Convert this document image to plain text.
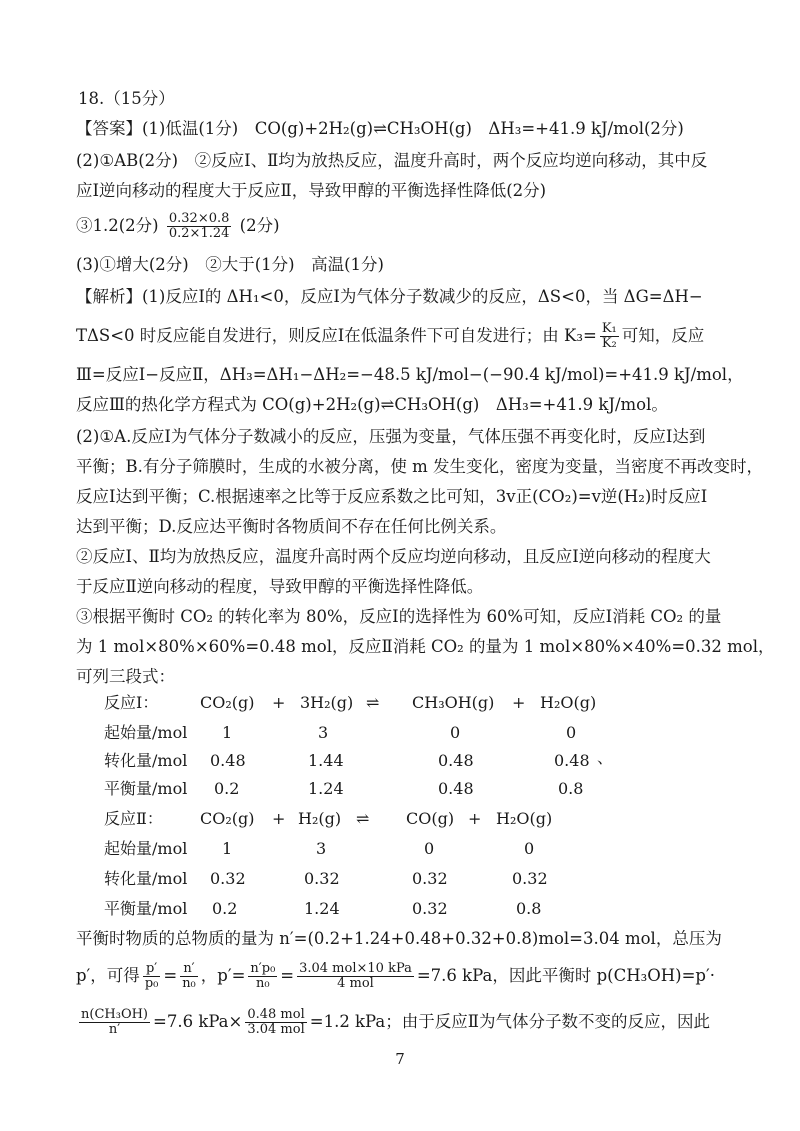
18.（15分）
【答案】(1)低温(1分)　CO(g)+2H₂(g)⇌CH₃OH(g)　ΔH₃=+41.9 kJ/mol(2分)
(2)①AB(2分)　②反应Ⅰ、Ⅱ均为放热反应，温度升高时，两个反应均逆向移动，其中反
应Ⅰ逆向移动的程度大于反应Ⅱ，导致甲醇的平衡选择性降低(2分)
③1.2(2分) $\frac{0.32\times 0.8}{0.2\times 1.24} (2$分)
(3)①增大(2分)　②大于(1分)　高温(1分)
【解析】(1)反应Ⅰ的 ΔH₁<0，反应Ⅰ为气体分子数减少的反应，ΔS<0，当 ΔG=ΔH−
TΔS<0 时反应能自发进行，则反应Ⅰ在低温条件下可自发进行；由 $K_3= \frac{\text{K₁}}{\text{K₂}}$ 可知，反应
Ⅲ=反应Ⅰ−反应Ⅱ，ΔH₃=ΔH₁−ΔH₂=−48.5 kJ/mol−(−90.4 kJ/mol)=+41.9 kJ/mol，
反应Ⅲ的热化学方程式为 CO(g)+2H₂(g)⇌CH₃OH(g)　ΔH₃=+41.9 kJ/mol。
(2)①A.反应Ⅰ为气体分子数减小的反应，压强为变量，气体压强不再变化时，反应Ⅰ达到
平衡；B.有分子筛膜时，生成的水被分离，使 m 发生变化，密度为变量，当密度不再改变时，
反应Ⅰ达到平衡；C.根据速率之比等于反应系数之比可知，3v正(CO₂)=v逆(H₂)时反应Ⅰ
达到平衡；D.反应达平衡时各物质间不存在任何比例关系。
②反应Ⅰ、Ⅱ均为放热反应，温度升高时两个反应均逆向移动，且反应Ⅰ逆向移动的程度大
于反应Ⅱ逆向移动的程度，导致甲醇的平衡选择性降低。
③根据平衡时 CO₂ 的转化率为 80%，反应Ⅰ的选择性为 60%可知，反应Ⅰ消耗 CO₂ 的量
为 1 mol×80%×60%=0.48 mol，反应Ⅱ消耗 CO₂ 的量为 1 mol×80%×40%=0.32 mol，
可列三段式：
反应Ⅰ：	CO₂(g) + 3H₂(g) ⇌ CH₃OH(g) + H₂O(g)
起始量/mol 1	3	0	0
转化量/mol 0.48	1.44	0.48	0.48
平衡量/mol 0.2	1.24	0.48	0.8
、
反应Ⅱ： CO₂(g) + H₂(g) ⇌ CO(g) + H₂O(g)
起始量/mol 1	3	0	0
转化量/mol 0.32	0.32	0.32	0.32
平衡量/mol 0.2	1.24	0.32	0.8
平衡时物质的总物质的量为 n′=(0.2+1.24+0.48+0.32+0.8)mol=3.04 mol，总压为
p′，可得 $\frac{p'}{\text{p₀}} = \frac{n'}{\text{n₀}}$ ，$p'= \frac{\text{n′p₀}}{\text{n₀}} = \frac{\text{3.04 mol×10 kPa}}{\text{4 mol}} =7.6$ kPa，因此平衡时 p(CH₃OH)=p′·
$\frac{\text{n(CH₃OH)}}{n'} =7.6$ $kPa\times \frac{\text{0.48 mol}}{\text{3.04 mol}} =1.2$ kPa；由于反应Ⅱ为气体分子数不变的反应，因此
7
